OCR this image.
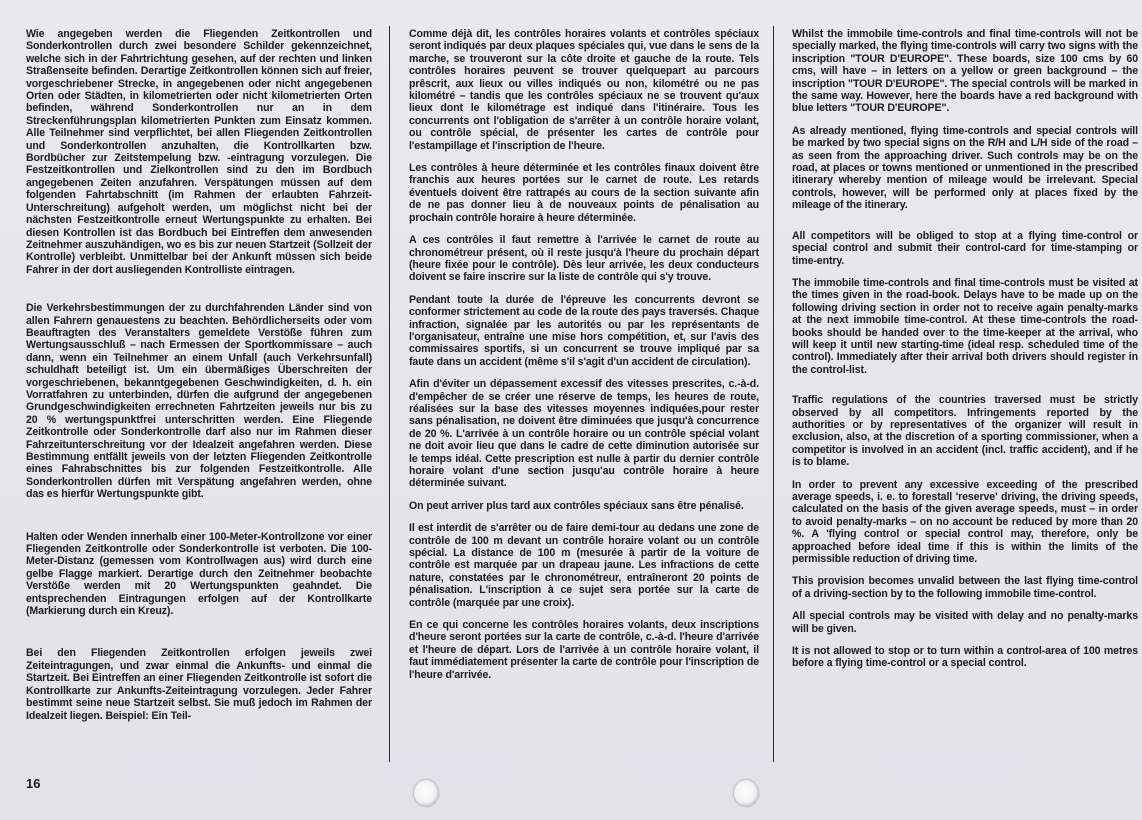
Wie angegeben werden die Fliegenden Zeitkontrollen und Sonderkontrollen durch zwei besondere Schilder gekennzeichnet, welche sich in der Fahrtrichtung gesehen, auf der rechten und linken Straßenseite befinden. Derartige Zeitkontrollen können sich auf freier, vorgeschriebener Strecke, in angegebenen oder nicht angegebenen Orten oder Städten, in kilometrierten oder nicht kilometrierten Orten befinden, während Sonderkontrollen nur an in dem Streckenführungsplan kilometrierten Punkten zum Einsatz kommen. Alle Teilnehmer sind verpflichtet, bei allen Fliegenden Zeitkontrollen und Sonderkontrollen anzuhalten, die Kontrollkarten bzw. Bordbücher zur Zeitstempelung bzw. -eintragung vorzulegen. Die Festzeitkontrollen und Zielkontrollen sind zu den im Bordbuch angegebenen Zeiten anzufahren. Verspätungen müssen auf dem folgenden Fahrtabschnitt (im Rahmen der erlaubten Fahrzeit-Unterschreitung) aufgeholt werden, um möglichst nicht bei der nächsten Festzeitkontrolle erneut Wertungspunkte zu erhalten. Bei diesen Kontrollen ist das Bordbuch bei Eintreffen dem anwesenden Zeitnehmer auszuhändigen, wo es bis zur neuen Startzeit (Sollzeit der Kontrolle) verbleibt. Unmittelbar bei der Ankunft müssen sich beide Fahrer in der dort ausliegenden Kontrolliste eintragen.

Die Verkehrsbestimmungen der zu durchfahrenden Länder sind von allen Fahrern genauestens zu beachten. Behördlicherseits oder vom Beauftragten des Veranstalters gemeldete Verstöße führen zum Wertungsausschluß – nach Ermessen der Sportkommissare – auch dann, wenn ein Teilnehmer an einem Unfall (auch Verkehrsunfall) schuldhaft beteiligt ist. Um ein übermäßiges Überschreiten der vorgeschriebenen, bekanntgegebenen Geschwindigkeiten, d. h. ein Vorratfahren zu unterbinden, dürfen die aufgrund der angegebenen Grundgeschwindigkeiten errechneten Fahrtzeiten jeweils nur bis zu 20 % wertungspunktfrei unterschritten werden. Eine Fliegende Zeitkontrolle oder Sonderkontrolle darf also nur im Rahmen dieser Fahrzeitunterschreitung vor der Idealzeit angefahren werden. Diese Bestimmung entfällt jeweils von der letzten Fliegenden Zeitkontrolle eines Fahrabschnittes bis zur folgenden Festzeitkontrolle. Alle Sonderkontrollen dürfen mit Verspätung angefahren werden, ohne das es hierfür Wertungspunkte gibt.

Halten oder Wenden innerhalb einer 100-Meter-Kontrollzone vor einer Fliegenden Zeitkontrolle oder Sonderkontrolle ist verboten. Die 100-Meter-Distanz (gemessen vom Kontrollwagen aus) wird durch eine gelbe Flagge markiert. Derartige durch den Zeitnehmer beobachte Verstöße werden mit 20 Wertungspunkten geahndet. Die entsprechenden Eintragungen erfolgen auf der Kontrollkarte (Markierung durch ein Kreuz).

Bei den Fliegenden Zeitkontrollen erfolgen jeweils zwei Zeiteintragungen, und zwar einmal die Ankunfts- und einmal die Startzeit. Bei Eintreffen an einer Fliegenden Zeitkontrolle ist sofort die Kontrollkarte zur Ankunfts-Zeiteintragung vorzulegen. Jeder Fahrer bestimmt seine neue Startzeit selbst. Sie muß jedoch im Rahmen der Idealzeit liegen. Beispiel: Ein Teil-

Comme déjà dit, les contrôles horaires volants et contrôles spéciaux seront indiqués par deux plaques spéciales qui, vue dans le sens de la marche, se trouveront sur la côte droite et gauche de la route. Tels contrôles horaires peuvent se trouver quelquepart au parcours prêscrit, aux lieux ou villes indiqués ou non, kilométré ou ne pas kilométré – tandis que les contrôles spéciaux ne se trouvent qu'aux lieux dont le kilométrage est indiqué dans l'itinéraire. Tous les concurrents ont l'obligation de s'arrêter à un contrôle horaire volant, ou contrôle spécial, de présenter les cartes de contrôle pour l'estampillage et l'inscription de l'heure.

Les contrôles à heure déterminée et les contrôles finaux doivent être franchis aux heures portées sur le carnet de route. Les retards éventuels doivent être rattrapés au cours de la section suivante afin de ne pas donner lieu à de nouveaux points de pénalisation au prochain contrôle horaire à heure déterminée.

A ces contrôles il faut remettre à l'arrivée le carnet de route au chronométreur présent, où il reste jusqu'à l'heure du prochain départ (heure fixée pour le contrôle). Dès leur arrivée, les deux conducteurs doivent se faire inscrire sur la liste de contrôle qui s'y trouve.

Pendant toute la durée de l'épreuve les concurrents devront se conformer strictement au code de la route des pays traversés. Chaque infraction, signalée par les autorités ou par les représentants de l'organisateur, entraîne une mise hors compétition, et, sur l'avis des commissaires sportifs, si un concurrent se trouve impliqué par sa faute dans un accident (même s'il s'agit d'un accident de circulation).

Afin d'éviter un dépassement excessif des vitesses prescrites, c.-à-d. d'empêcher de se créer une réserve de temps, les heures de route, réalisées sur la base des vitesses moyennes indiquées,pour rester sans pénalisation, ne doivent être diminuées que jusqu'à concurrence de 20 %. L'arrivée à un contrôle horaire ou un contrôle spécial volant ne doit avoir lieu que dans le cadre de cette diminution autorisée sur le temps idéal. Cette prescription est nulle à partir du dernier contrôle horaire volant d'une section jusqu'au contrôle horaire à heure déterminée suivant.

On peut arriver plus tard aux contrôles spéciaux sans être pénalisé.

Il est interdit de s'arrêter ou de faire demi-tour au dedans une zone de contrôle de 100 m devant un contrôle horaire volant ou un contrôle spécial. La distance de 100 m (mesurée à partir de la voiture de contrôle est marquée par un drapeau jaune. Les infractions de cette nature, constatées par le chronométreur, entraîneront 20 points de pénalisation. L'inscription à ce sujet sera portée sur la carte de contrôle (marquée par une croix).

En ce qui concerne les contrôles horaires volants, deux inscriptions d'heure seront portées sur la carte de contrôle, c.-à-d. l'heure d'arrivée et l'heure de départ. Lors de l'arrivée à un contrôle horaire volant, il faut immédiatement présenter la carte de contrôle pour l'inscription de l'heure d'arrivée.

Whilst the immobile time-controls and final time-controls will not be specially marked, the flying time-controls will carry two signs with the inscription "TOUR D'EUROPE". These boards, size 100 cms by 60 cms, will have – in letters on a yellow or green background – the inscription "TOUR D'EUROPE". The special controls will be marked in the same way. However, here the boards have a red background with blue letters "TOUR D'EUROPE".

As already mentioned, flying time-controls and special controls will be marked by two special signs on the R/H and L/H side of the road – as seen from the approaching driver. Such controls may be on the road, at places or towns mentioned or unmentioned in the prescribed itinerary whereby mention of mileage would be irrelevant. Special controls, however, will be performed only at places fixed by the mileage of the itinerary.

All competitors will be obliged to stop at a flying time-control or special control and submit their control-card for time-stamping or time-entry.

The immobile time-controls and final time-controls must be visited at the times given in the road-book. Delays have to be made up on the following driving section in order not to receive again penalty-marks at the next immobile time-control. At these time-controls the road-books should be handed over to the time-keeper at the arrival, who will keep it until new starting-time (ideal resp. scheduled time of the control). Immediately after their arrival both drivers should register in the control-list.

Traffic regulations of the countries traversed must be strictly observed by all competitors. Infringements reported by the authorities or by representatives of the organizer will result in exclusion, also, at the discretion of a sporting commissioner, when a competitor is involved in an accident (incl. traffic accident), and if he is to blame.

In order to prevent any excessive exceeding of the prescribed average speeds, i. e. to forestall 'reserve' driving, the driving speeds, calculated on the basis of the given average speeds, must – in order to avoid penalty-marks – on no account be reduced by more than 20 %. A 'flying control or special control may, therefore, only be approached before ideal time if this is within the limits of the permissible reduction of driving time.

This provision becomes unvalid between the last flying time-control of a driving-section by to the following immobile time-control.

All special controls may be visited with delay and no penalty-marks will be given.

It is not allowed to stop or to turn within a control-area of 100 metres before a flying time-control or a special control.

16
